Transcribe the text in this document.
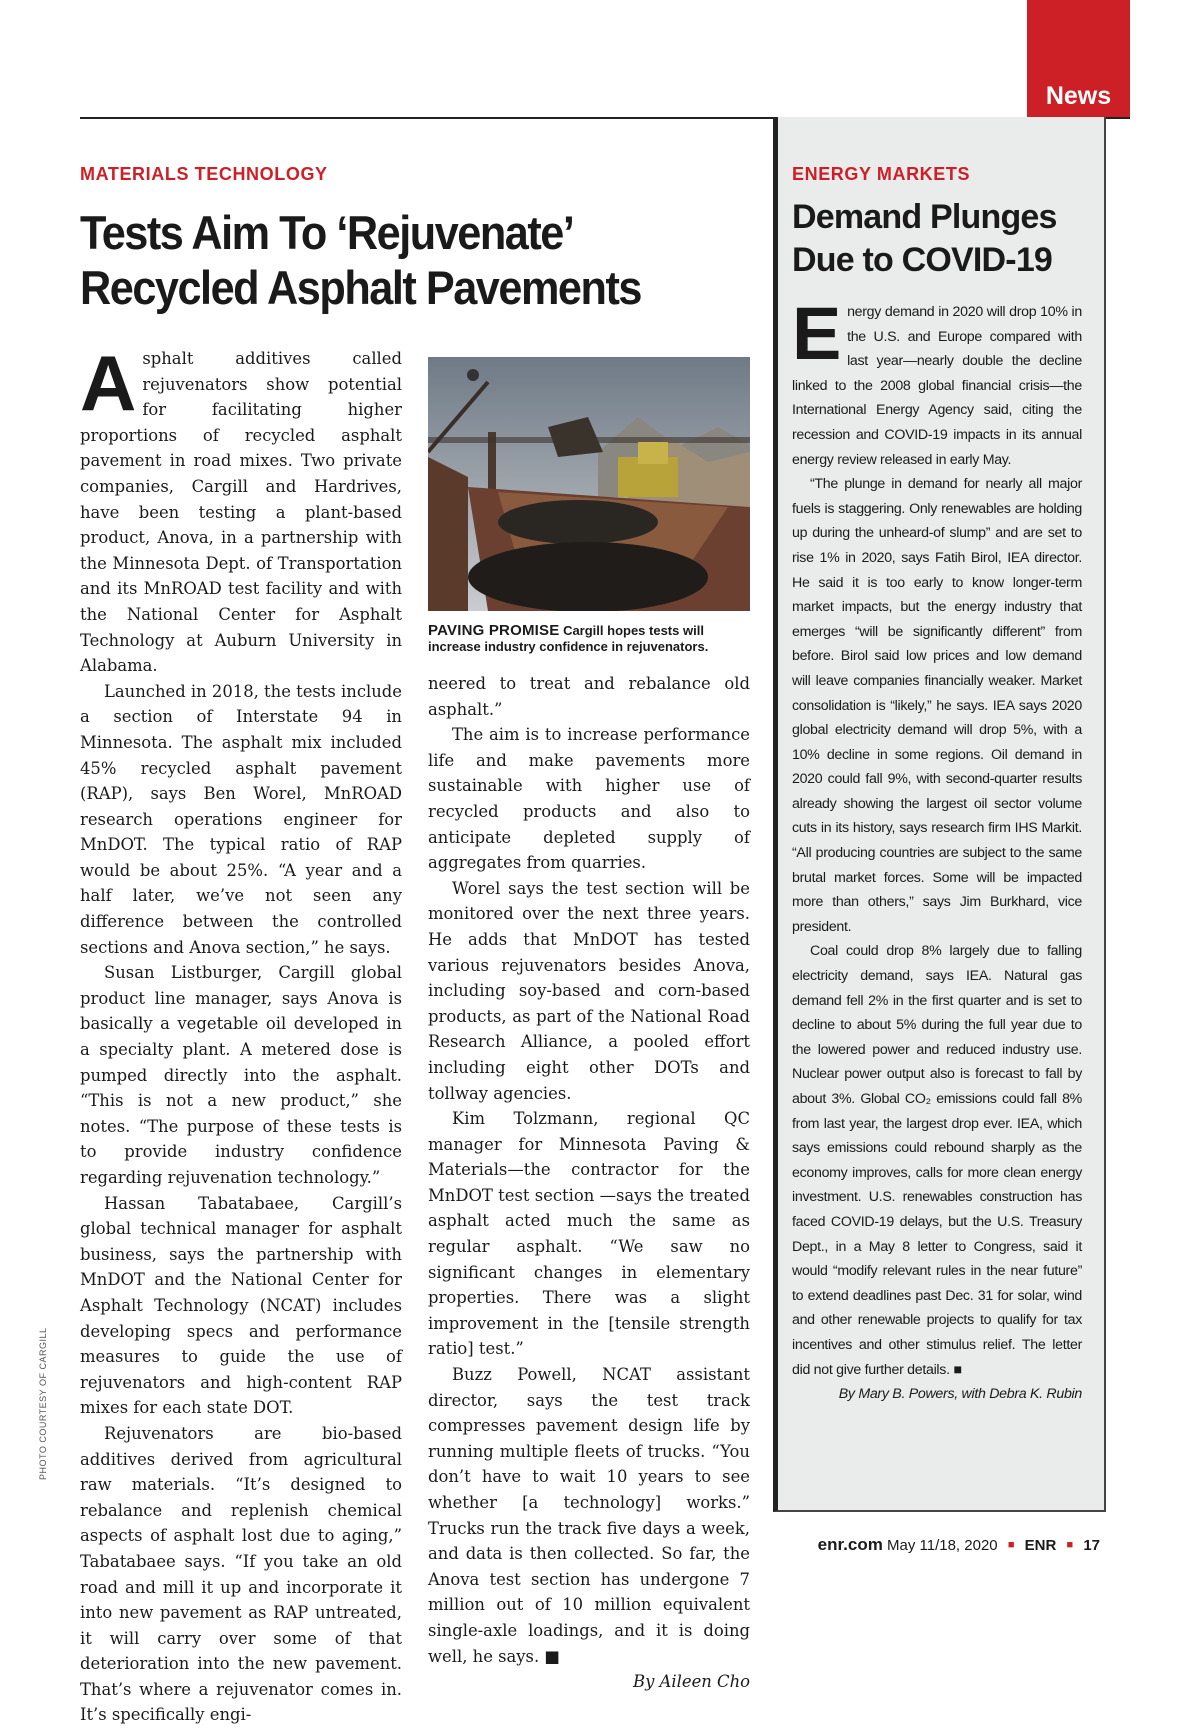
News
MATERIALS TECHNOLOGY
Tests Aim To ‘Rejuvenate’
Recycled Asphalt Pavements

Asphalt additives called rejuvenators show potential for facilitating higher proportions of recycled asphalt pavement in road mixes. Two private companies, Cargill and Hardrives, have been testing a plant-based product, Anova, in a partnership with the Minnesota Dept. of Transportation and its MnROAD test facility and with the National Center for Asphalt Technology at Auburn University in Alabama.

Launched in 2018, the tests include a section of Interstate 94 in Minnesota. The asphalt mix included 45% recycled asphalt pavement (RAP), says Ben Worel, MnROAD research operations engineer for MnDOT. The typical ratio of RAP would be about 25%. “A year and a half later, we’ve not seen any difference between the controlled sections and Anova section,” he says.

Susan Listburger, Cargill global product line manager, says Anova is basically a vegetable oil developed in a specialty plant. A metered dose is pumped directly into the asphalt. “This is not a new product,” she notes. “The purpose of these tests is to provide industry confidence regarding rejuvenation technology.”

Hassan Tabatabaee, Cargill’s global technical manager for asphalt business, says the partnership with MnDOT and the National Center for Asphalt Technology (NCAT) includes developing specs and performance measures to guide the use of rejuvenators and high-content RAP mixes for each state DOT.

Rejuvenators are bio-based additives derived from agricultural raw materials. “It’s designed to rebalance and replenish chemical aspects of asphalt lost due to aging,” Tabatabaee says. “If you take an old road and mill it up and incorporate it into new pavement as RAP untreated, it will carry over some of that deterioration into the new pavement. That’s where a rejuvenator comes in. It’s specifically engi-

PAVING PROMISE Cargill hopes tests will increase industry confidence in rejuvenators.

neered to treat and rebalance old asphalt.”

The aim is to increase performance life and make pavements more sustainable with higher use of recycled products and also to anticipate depleted supply of aggregates from quarries.

Worel says the test section will be monitored over the next three years. He adds that MnDOT has tested various rejuvenators besides Anova, including soy-based and corn-based products, as part of the National Road Research Alliance, a pooled effort including eight other DOTs and tollway agencies.

Kim Tolzmann, regional QC manager for Minnesota Paving & Materials—the contractor for the MnDOT test section —says the treated asphalt acted much the same as regular asphalt. “We saw no significant changes in elementary properties. There was a slight improvement in the [tensile strength ratio] test.”

Buzz Powell, NCAT assistant director, says the test track compresses pavement design life by running multiple fleets of trucks. “You don’t have to wait 10 years to see whether [a technology] works.” Trucks run the track five days a week, and data is then collected. So far, the Anova test section has undergone 7 million out of 10 million equivalent single-axle loadings, and it is doing well, he says. ■

By Aileen Cho

PHOTO COURTESY OF CARGILL
ENERGY MARKETS
Demand Plunges
Due to COVID-19

Energy demand in 2020 will drop 10% in the U.S. and Europe compared with last year—nearly double the decline linked to the 2008 global financial crisis—the International Energy Agency said, citing the recession and COVID-19 impacts in its annual energy review released in early May.

“The plunge in demand for nearly all major fuels is staggering. Only renewables are holding up during the unheard-of slump” and are set to rise 1% in 2020, says Fatih Birol, IEA director. He said it is too early to know longer-term market impacts, but the energy industry that emerges “will be significantly different” from before. Birol said low prices and low demand will leave companies financially weaker. Market consolidation is “likely,” he says. IEA says 2020 global electricity demand will drop 5%, with a 10% decline in some regions. Oil demand in 2020 could fall 9%, with second-quarter results already showing the largest oil sector volume cuts in its history, says research firm IHS Markit. “All producing countries are subject to the same brutal market forces. Some will be impacted more than others,” says Jim Burkhard, vice president.

Coal could drop 8% largely due to falling electricity demand, says IEA. Natural gas demand fell 2% in the first quarter and is set to decline to about 5% during the full year due to the lowered power and reduced industry use. Nuclear power output also is forecast to fall by about 3%. Global CO₂ emissions could fall 8% from last year, the largest drop ever. IEA, which says emissions could rebound sharply as the economy improves, calls for more clean energy investment. U.S. renewables construction has faced COVID-19 delays, but the U.S. Treasury Dept., in a May 8 letter to Congress, said it would “modify relevant rules in the near future” to extend deadlines past Dec. 31 for solar, wind and other renewable projects to qualify for tax incentives and other stimulus relief. The letter did not give further details. ■

By Mary B. Powers, with Debra K. Rubin

enr.com May 11/18, 2020 ■ ENR ■ 17
